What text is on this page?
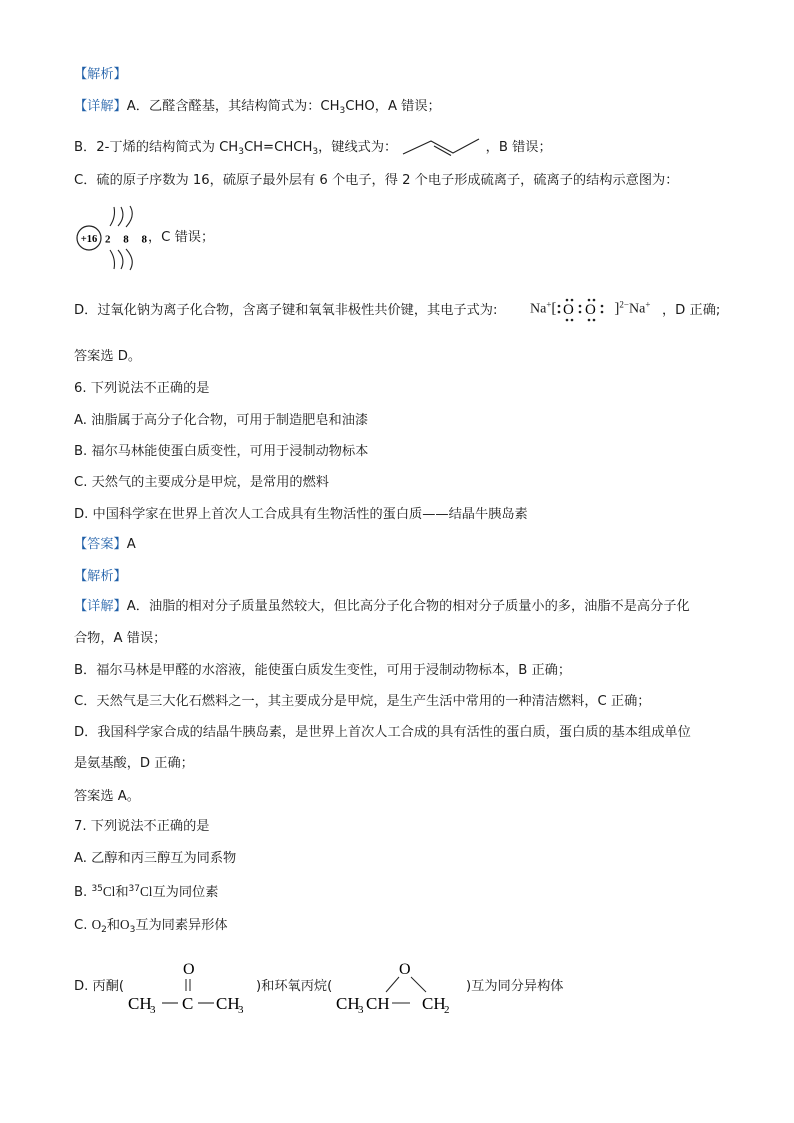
【解析】
【详解】A．乙醛含醛基，其结构简式为：$CH_3CHO$，A 错误；
B．2-丁烯的结构简式为 $CH_3CH=CHCH_3$，键线式为：	，B 错误；
C．硫的原子序数为 16，硫原子最外层有 6 个电子，得 2 个电子形成硫离子，硫离子的结构示意图为：
+16 2 8 8
，C 错误；
D．过氧化钠为离子化合物，含离子键和氧氧非极性共价键，其电子式为: Na+[ O O ]$^{2-}$Na+ ，D 正确;
答案选 D。
6. 下列说法不正确的是
A. 油脂属于高分子化合物，可用于制造肥皂和油漆
B. 福尔马林能使蛋白质变性，可用于浸制动物标本
C. 天然气的主要成分是甲烷，是常用的燃料
D. 中国科学家在世界上首次人工合成具有生物活性的蛋白质——结晶牛胰岛素
【答案】A
【解析】
【详解】A．油脂的相对分子质量虽然较大，但比高分子化合物的相对分子质量小的多，油脂不是高分子化
合物，A 错误；
B．福尔马林是甲醛的水溶液，能使蛋白质发生变性，可用于浸制动物标本，B 正确；
C．天然气是三大化石燃料之一，其主要成分是甲烷，是生产生活中常用的一种清洁燃料，C 正确；
D．我国科学家合成的结晶牛胰岛素，是世界上首次人工合成的具有活性的蛋白质，蛋白质的基本组成单位
是氨基酸，D 正确；
答案选 A。
7. 下列说法不正确的是
A. 乙醇和丙三醇互为同系物
B. $^{35}$Cl和$^{37}$Cl互为同位素
C. $O_2$和$O_3$互为同素异形体
D. 丙酮(
O
CH
3 C CH
3
)和环氧丙烷(
O
CH
3 CH CH
2
)互为同分异构体
